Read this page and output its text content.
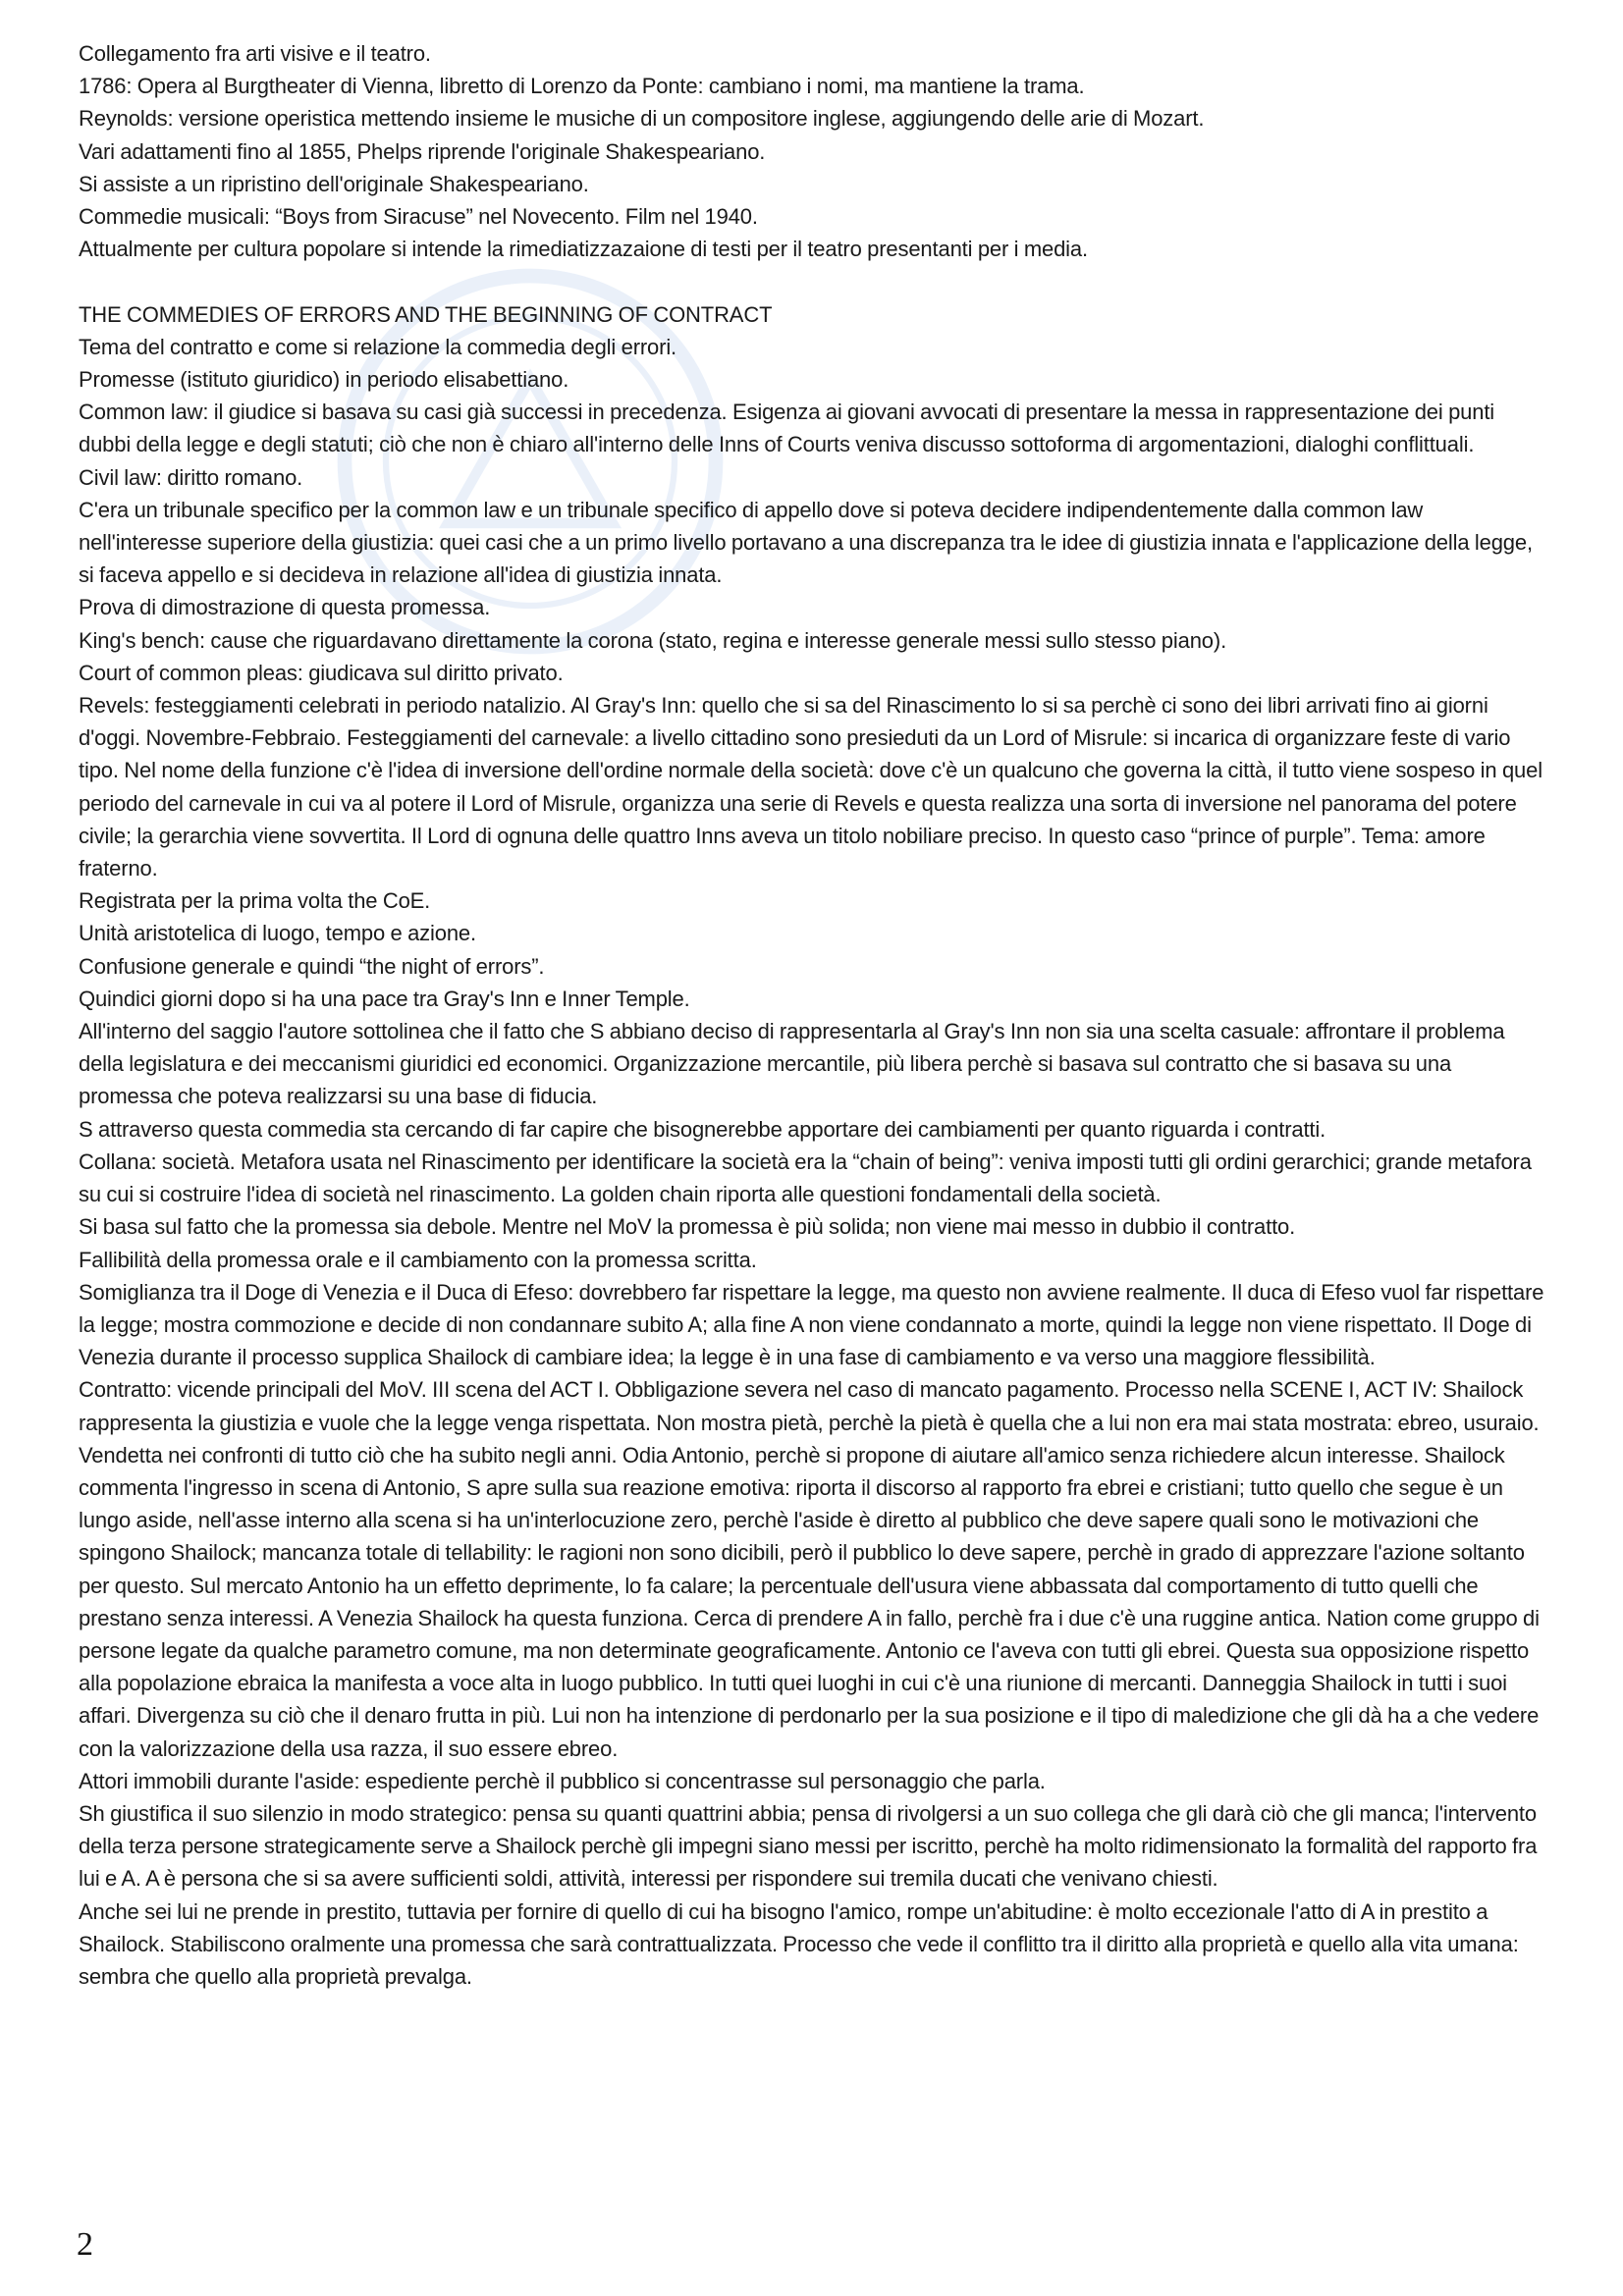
Collegamento fra arti visive e il teatro.

1786: Opera al Burgtheater di Vienna, libretto di Lorenzo da Ponte: cambiano i nomi, ma mantiene la trama.

Reynolds: versione operistica mettendo insieme le musiche di un compositore inglese, aggiungendo delle arie di Mozart.

Vari adattamenti fino al 1855, Phelps riprende l'originale Shakespeariano.

Si assiste a un ripristino dell'originale Shakespeariano.

Commedie musicali: “Boys from Siracuse” nel Novecento. Film nel 1940.

Attualmente per cultura popolare si intende la rimediatizzazaione di testi per il teatro presentanti per i media.

THE COMMEDIES OF ERRORS AND THE BEGINNING OF CONTRACT

Tema del contratto e come si relazione la commedia degli errori.

Promesse (istituto giuridico) in periodo elisabettiano.

Common law: il giudice si basava su casi già successi in precedenza. Esigenza ai giovani avvocati di presentare la messa in rappresentazione dei punti dubbi della legge e degli statuti; ciò che non è chiaro all'interno delle Inns of Courts veniva discusso sottoforma di argomentazioni, dialoghi conflittuali.

Civil law: diritto romano.

C'era un tribunale specifico per la common law e un tribunale specifico di appello dove si poteva decidere indipendentemente dalla common law nell'interesse superiore della giustizia: quei casi che a un primo livello portavano a una discrepanza tra le idee di giustizia innata e l'applicazione della legge, si faceva appello e si decideva in relazione all'idea di giustizia innata.

Prova di dimostrazione di questa promessa.

King's bench: cause che riguardavano direttamente la corona (stato, regina e interesse generale messi sullo stesso piano).

Court of common pleas: giudicava sul diritto privato.

Revels: festeggiamenti celebrati in periodo natalizio. Al Gray's Inn: quello che si sa del Rinascimento lo si sa perchè ci sono dei libri arrivati fino ai giorni d'oggi. Novembre-Febbraio. Festeggiamenti del carnevale: a livello cittadino sono presieduti da un Lord of Misrule: si incarica di organizzare feste di vario tipo. Nel nome della funzione c'è l'idea di inversione dell'ordine normale della società: dove c'è un qualcuno che governa la città, il tutto viene sospeso in quel periodo del carnevale in cui va al potere il Lord of Misrule, organizza una serie di Revels e questa realizza una sorta di inversione nel panorama del potere civile; la gerarchia viene sovvertita. Il Lord di ognuna delle quattro Inns aveva un titolo nobiliare preciso. In questo caso “prince of purple”. Tema: amore fraterno.

Registrata per la prima volta the CoE.

Unità aristotelica di luogo, tempo e azione.

Confusione generale e quindi “the night of errors”.

Quindici giorni dopo si ha una pace tra Gray's Inn e Inner Temple.

All'interno del saggio l'autore sottolinea che il fatto che S abbiano deciso di rappresentarla al Gray's Inn non sia una scelta casuale: affrontare il problema della legislatura e dei meccanismi giuridici ed economici. Organizzazione mercantile, più libera perchè si basava sul contratto che si basava su una promessa che poteva realizzarsi su una base di fiducia.

S attraverso questa commedia sta cercando di far capire che bisognerebbe apportare dei cambiamenti per quanto riguarda i contratti.

Collana: società. Metafora usata nel Rinascimento per identificare la società era la “chain of being”: veniva imposti tutti gli ordini gerarchici; grande metafora su cui si costruire l'idea di società nel rinascimento. La golden chain riporta alle questioni fondamentali della società.

Si basa sul fatto che la promessa sia debole. Mentre nel MoV la promessa è più solida; non viene mai messo in dubbio il contratto.

Fallibilità della promessa orale e il cambiamento con la promessa scritta.

Somiglianza tra il Doge di Venezia e il Duca di Efeso: dovrebbero far rispettare la legge, ma questo non avviene realmente. Il duca di Efeso vuol far rispettare la legge; mostra commozione e decide di non condannare subito A; alla fine A non viene condannato a morte, quindi la legge non viene rispettato. Il Doge di Venezia durante il processo supplica Shailock di cambiare idea; la legge è in una fase di cambiamento e va verso una maggiore flessibilità.

Contratto: vicende principali del MoV. III scena del ACT I. Obbligazione severa nel caso di mancato pagamento. Processo nella SCENE I, ACT IV: Shailock rappresenta la giustizia e vuole che la legge venga rispettata. Non mostra pietà, perchè la pietà è quella che a lui non era mai stata mostrata: ebreo, usuraio. Vendetta nei confronti di tutto ciò che ha subito negli anni. Odia Antonio, perchè si propone di aiutare all'amico senza richiedere alcun interesse. Shailock commenta l'ingresso in scena di Antonio, S apre sulla sua reazione emotiva: riporta il discorso al rapporto fra ebrei e cristiani; tutto quello che segue è un lungo aside, nell'asse interno alla scena si ha un'interlocuzione zero, perchè l'aside è diretto al pubblico che deve sapere quali sono le motivazioni che spingono Shailock; mancanza totale di tellability: le ragioni non sono dicibili, però il pubblico lo deve sapere, perchè in grado di apprezzare l'azione soltanto per questo. Sul mercato Antonio ha un effetto deprimente, lo fa calare; la percentuale dell'usura viene abbassata dal comportamento di tutto quelli che prestano senza interessi. A Venezia Shailock ha questa funziona. Cerca di prendere A in fallo, perchè fra i due c'è una ruggine antica. Nation come gruppo di persone legate da qualche parametro comune, ma non determinate geograficamente. Antonio ce l'aveva con tutti gli ebrei. Questa sua opposizione rispetto alla popolazione ebraica la manifesta a voce alta in luogo pubblico. In tutti quei luoghi in cui c'è una riunione di mercanti. Danneggia Shailock in tutti i suoi affari. Divergenza su ciò che il denaro frutta in più. Lui non ha intenzione di perdonarlo per la sua posizione e il tipo di maledizione che gli dà ha a che vedere con la valorizzazione della usa razza, il suo essere ebreo.

Attori immobili durante l'aside: espediente perchè il pubblico si concentrasse sul personaggio che parla.

Sh giustifica il suo silenzio in modo strategico: pensa su quanti quattrini abbia; pensa di rivolgersi a un suo collega che gli darà ciò che gli manca; l'intervento della terza persone strategicamente serve a Shailock perchè gli impegni siano messi per iscritto, perchè ha molto ridimensionato la formalità del rapporto fra lui e A. A è persona che si sa avere sufficienti soldi, attività, interessi per rispondere sui tremila ducati che venivano chiesti.

Anche sei lui ne prende in prestito, tuttavia per fornire di quello di cui ha bisogno l'amico, rompe un'abitudine: è molto eccezionale l'atto di A in prestito a Shailock. Stabiliscono oralmente una promessa che sarà contrattualizzata. Processo che vede il conflitto tra il diritto alla proprietà e quello alla vita umana: sembra che quello alla proprietà prevalga.

2
